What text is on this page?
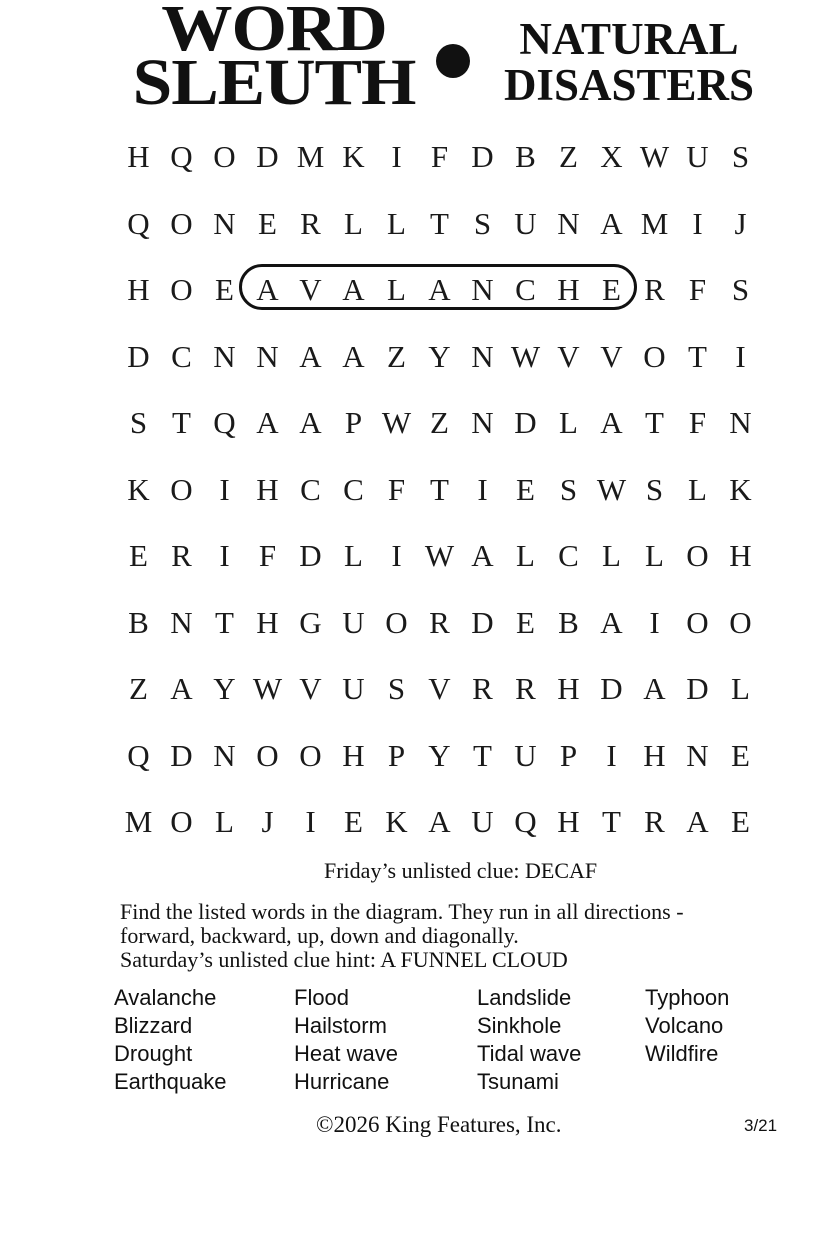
WORD
SLEUTH
NATURAL
DISASTERS
H Q O D M K I F D B Z X W U S
Q O N E R L L T S U N A M I	J
H O E A V A L A N C H E R F S
D C N N A A Z Y N W V V O T I
S T Q A A P W Z N D L A T F N
K O I H C C F T I E S W S L K
E R I F D L I W A L C L L O H
B N T H G U O R D E B A I O O
Z A Y W V U S V R R H D A D L
Q D N O O H P Y T U P I H N E
M O L J	I E K A U Q H T R A E
Friday’s unlisted clue: DECAF
Find the listed words in the diagram. They run in all directions -
forward, backward, up, down and diagonally.
Saturday’s unlisted clue hint: A FUNNEL CLOUD
Avalanche
Blizzard
Drought
Earthquake
Flood
Hailstorm
Heat wave
Hurricane
Landslide
Sinkhole
Tidal wave
Tsunami
Typhoon
Volcano
Wildfire
©2026 King Features, Inc.	3/21
